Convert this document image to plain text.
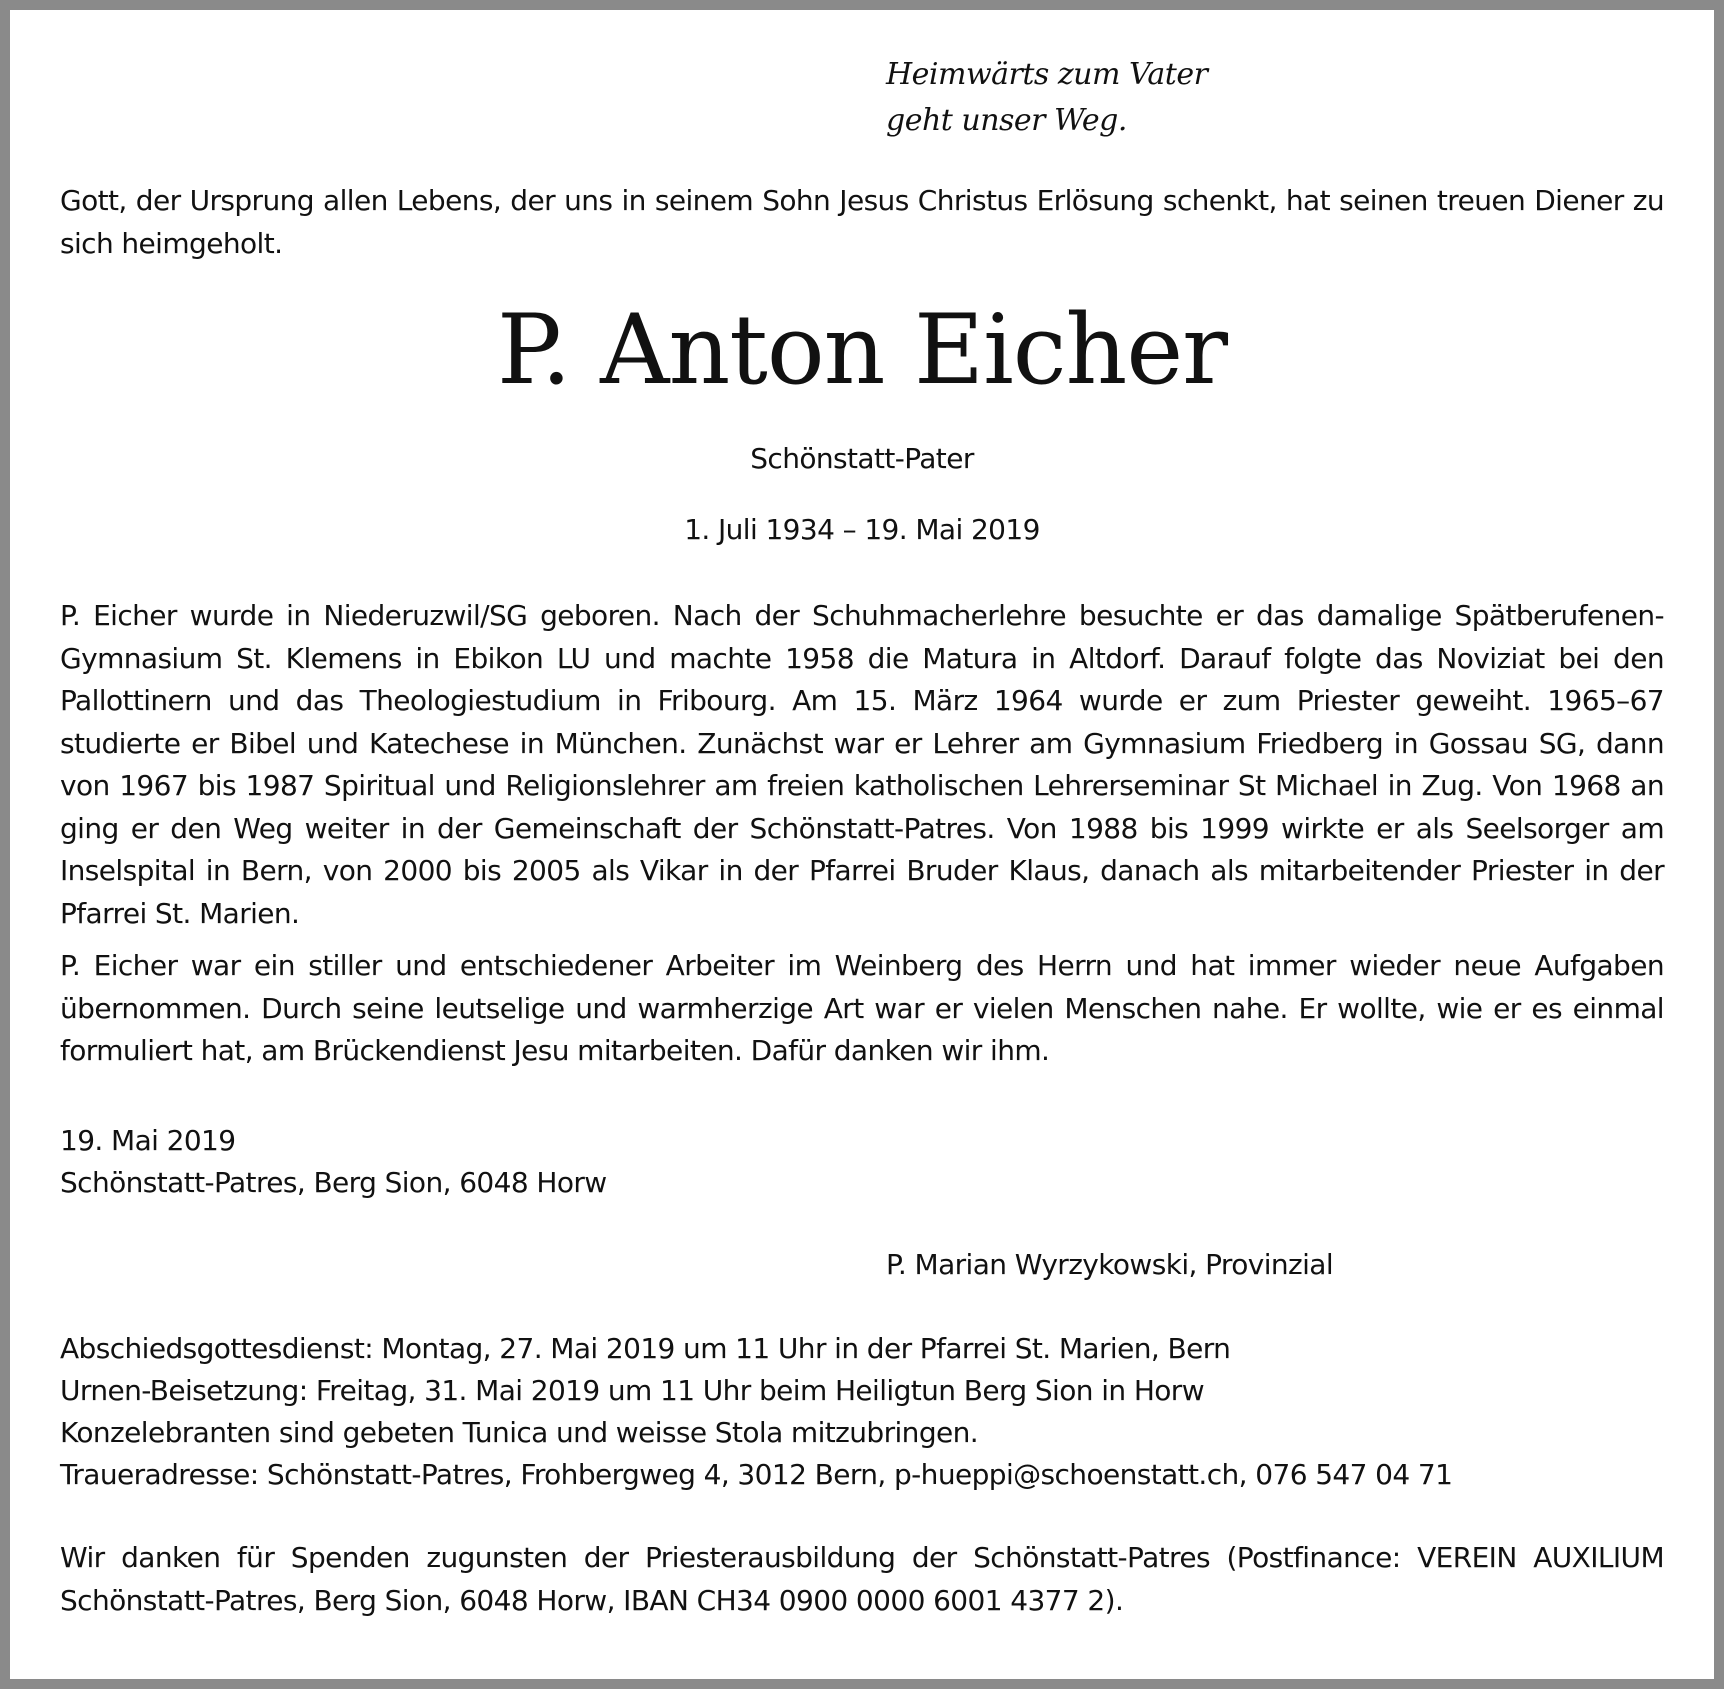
Heimwärts zum Vater
geht unser Weg.

Gott, der Ursprung allen Lebens, der uns in seinem Sohn Jesus Christus Erlösung schenkt, hat seinen treuen Diener zu sich heimgeholt.

P. Anton Eicher
Schönstatt-Pater
1. Juli 1934 – 19. Mai 2019

P. Eicher wurde in Niederuzwil/SG geboren. Nach der Schuhmacherlehre besuchte er das damalige Spätberufenen-Gymnasium St. Klemens in Ebikon LU und machte 1958 die Matura in Altdorf. Darauf folgte das Noviziat bei den Pallottinern und das Theologiestudium in Fribourg. Am 15. März 1964 wurde er zum Priester geweiht. 1965–67 studierte er Bibel und Katechese in München. Zunächst war er Lehrer am Gymnasium Friedberg in Gossau SG, dann von 1967 bis 1987 Spiritual und Religionslehrer am freien katholischen Lehrerseminar St Michael in Zug. Von 1968 an ging er den Weg weiter in der Gemeinschaft der Schönstatt-Patres. Von 1988 bis 1999 wirkte er als Seelsorger am Inselspital in Bern, von 2000 bis 2005 als Vikar in der Pfarrei Bruder Klaus, danach als mitarbeitender Priester in der Pfarrei St. Marien.

P. Eicher war ein stiller und entschiedener Arbeiter im Weinberg des Herrn und hat immer wieder neue Aufgaben übernommen. Durch seine leutselige und warmherzige Art war er vielen Menschen nahe. Er wollte, wie er es einmal formuliert hat, am Brückendienst Jesu mitarbeiten. Dafür danken wir ihm.

19. Mai 2019
Schönstatt-Patres, Berg Sion, 6048 Horw
P. Marian Wyrzykowski, Provinzial
Abschiedsgottesdienst: Montag, 27. Mai 2019 um 11 Uhr in der Pfarrei St. Marien, Bern
Urnen-Beisetzung: Freitag, 31. Mai 2019 um 11 Uhr beim Heiligtun Berg Sion in Horw
Konzelebranten sind gebeten Tunica und weisse Stola mitzubringen.
Traueradresse: Schönstatt-Patres, Frohbergweg 4, 3012 Bern, p-hueppi@schoenstatt.ch, 076 547 04 71

Wir danken für Spenden zugunsten der Priesterausbildung der Schönstatt-Patres (Postfinance: VEREIN AUXILIUM Schönstatt-Patres, Berg Sion, 6048 Horw, IBAN CH34 0900 0000 6001 4377 2).
